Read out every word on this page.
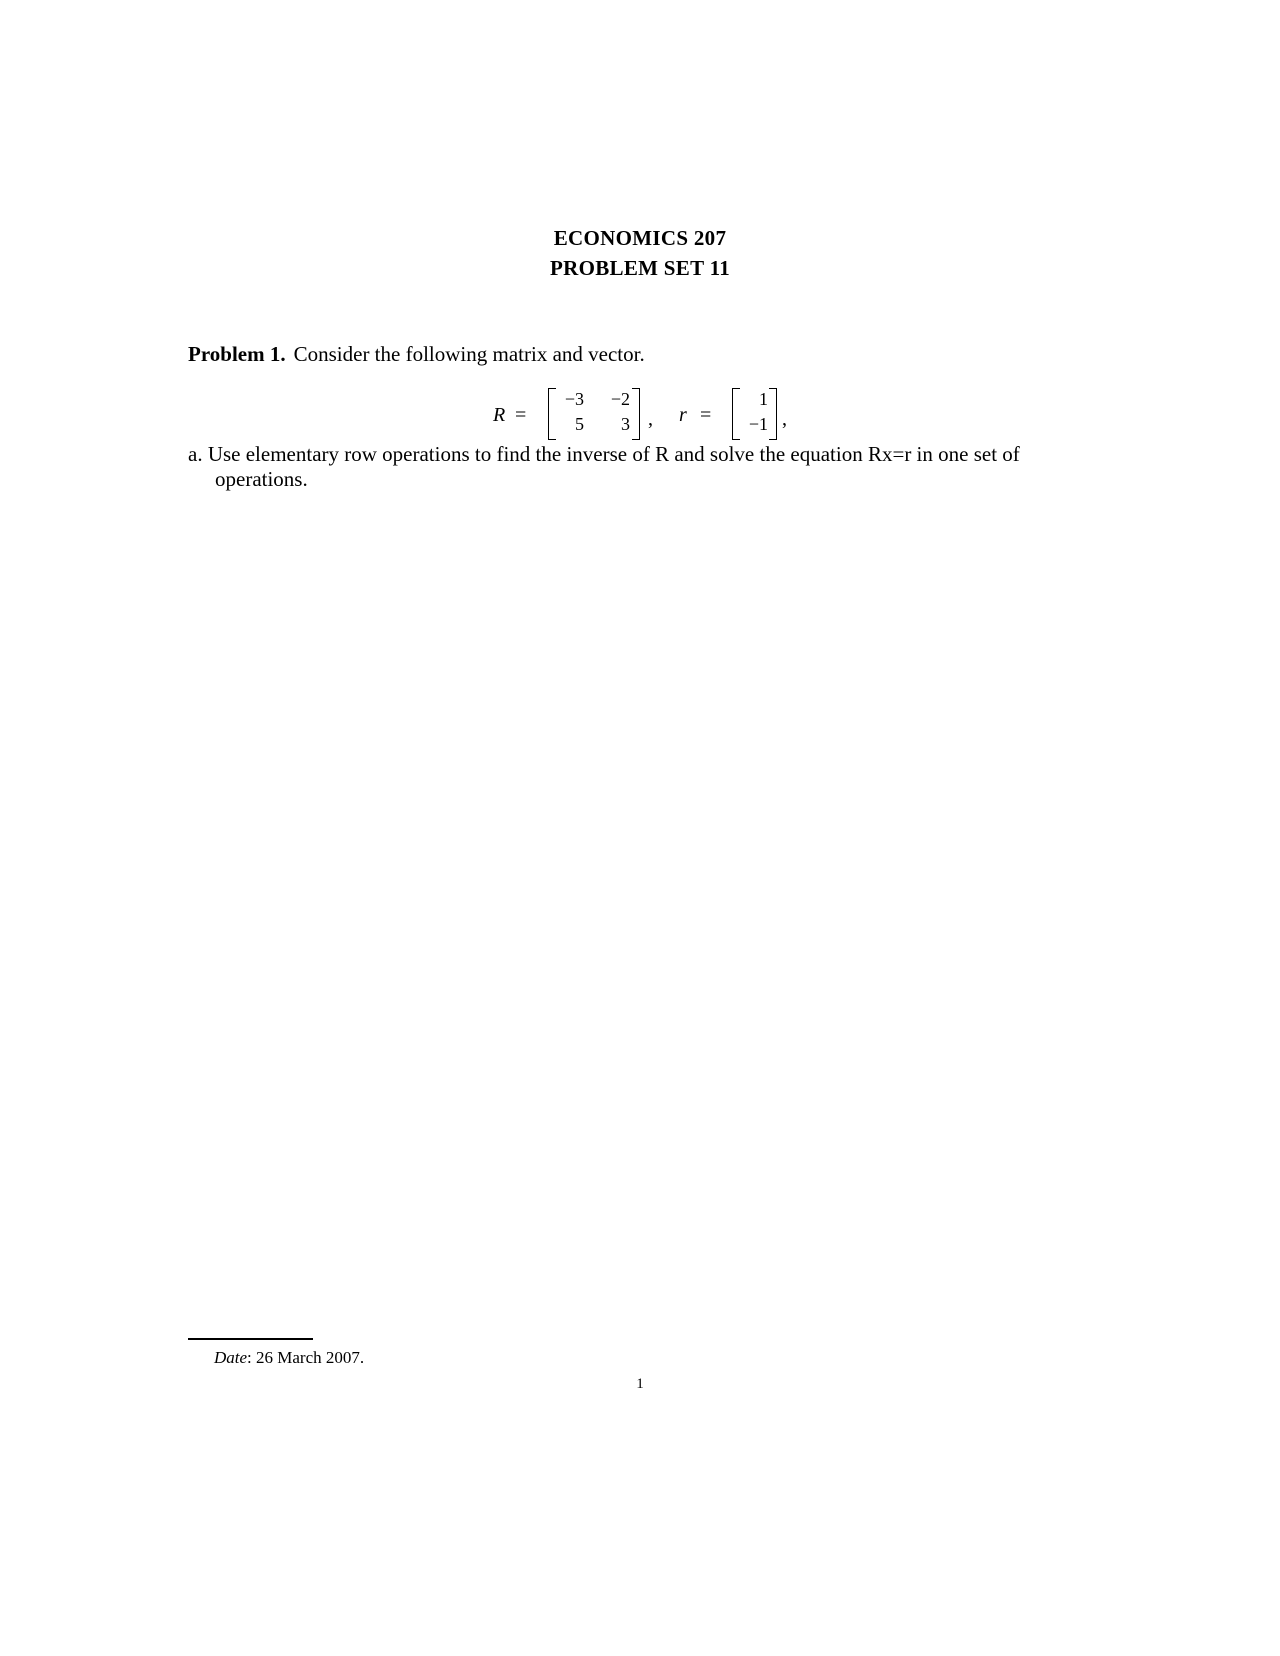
ECONOMICS 207
PROBLEM SET 11
Problem 1. Consider the following matrix and vector.
R =
−3	−2
5	3 , r =
1
−1 ,
a. Use elementary row operations to find the inverse of R and solve the equation Rx=r in one set of operations.
Date: 26 March 2007.
1
